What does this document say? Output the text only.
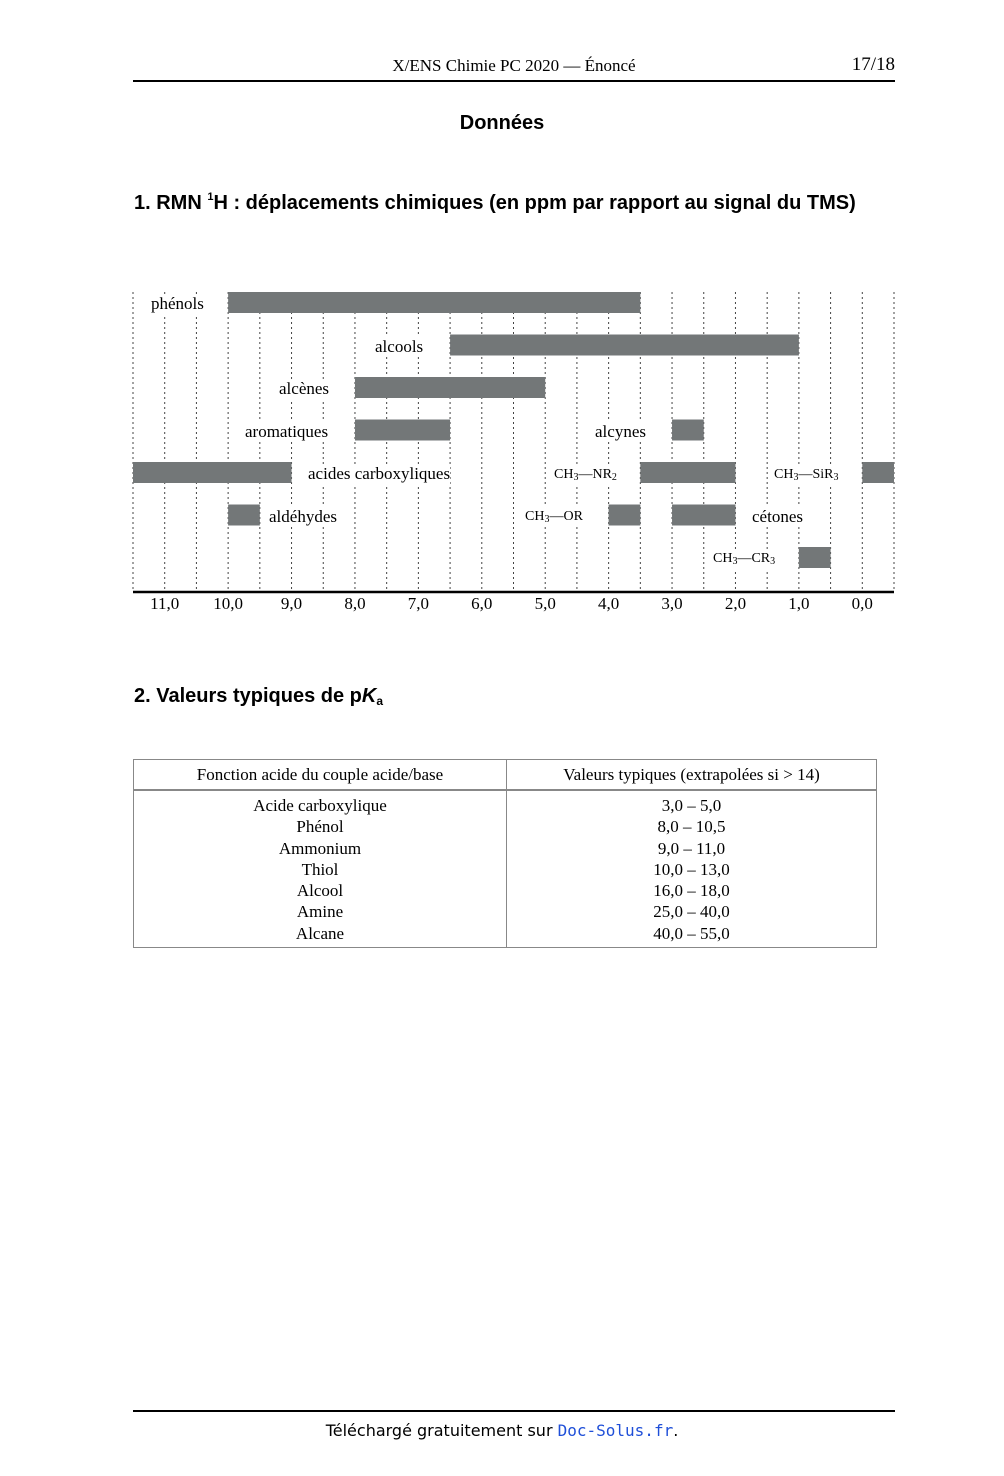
X/ENS Chimie PC 2020 — Énoncé	17/18
Données
1. RMN $^1$H : déplacements chimiques (en ppm par rapport au signal du TMS)
phénols
alcools
alcènes
aromatiques	alcynes
acides carboxyliques	$CH_3—NR_2$	$CH_3—SiR_3$
aldéhydes	$CH_3—OR$	cétones
$CH_3—CR_3$
11,0	10,0	9,0	8,0	7,0	6,0	5,0	4,0	3,0	2,0	1,0	0,0
2. Valeurs typiques de $pK_a$
Fonction acide du couple acide/base	Valeurs typiques (extrapolées si > 14)
Acide carboxylique	3,0 – 5,0
Phénol	8,0 – 10,5
Ammonium	9,0 – 11,0
Thiol	10,0 – 13,0
Alcool	16,0 – 18,0
Amine	25,0 – 40,0
Alcane	40,0 – 55,0
Téléchargé gratuitement sur Doc-Solus.fr.
